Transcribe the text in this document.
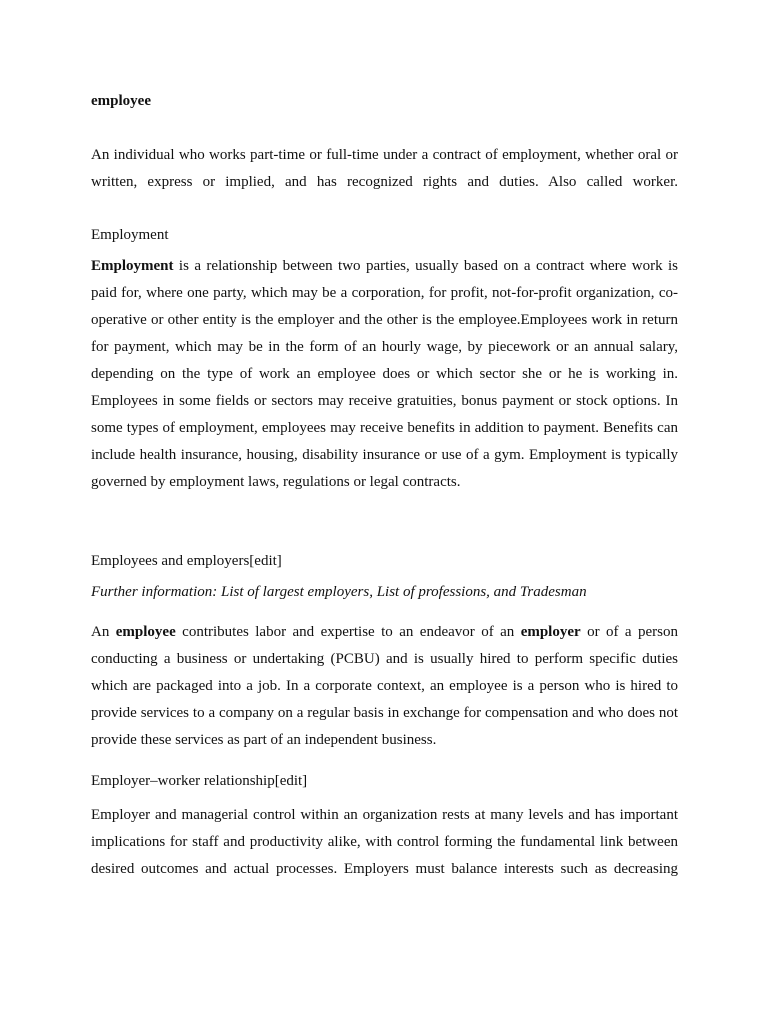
employee
An individual who works part-time or full-time under a contract of employment, whether oral or
written, express or implied, and has recognized rights and duties. Also called worker.
Employment
Employment is a relationship between two parties, usually based on a contract where work is
paid for, where one party, which may be a corporation, for profit, not-for-profit organization, co-
operative or other entity is the employer and the other is the employee.Employees work in return
for payment, which may be in the form of an hourly wage, by piecework or an annual salary,
depending on the type of work an employee does or which sector she or he is working in.
Employees in some fields or sectors may receive gratuities, bonus payment or stock options. In
some types of employment, employees may receive benefits in addition to payment. Benefits can
include health insurance, housing, disability insurance or use of a gym. Employment is typically
governed by employment laws, regulations or legal contracts.
Employees and employers[edit]
Further information: List of largest employers, List of professions, and Tradesman
An employee contributes labor and expertise to an endeavor of an employer or of a person
conducting a business or undertaking (PCBU) and is usually hired to perform specific duties
which are packaged into a job. In a corporate context, an employee is a person who is hired to
provide services to a company on a regular basis in exchange for compensation and who does not
provide these services as part of an independent business.
Employer–worker relationship[edit]
Employer and managerial control within an organization rests at many levels and has important
implications for staff and productivity alike, with control forming the fundamental link between
desired outcomes and actual processes. Employers must balance interests such as decreasing
